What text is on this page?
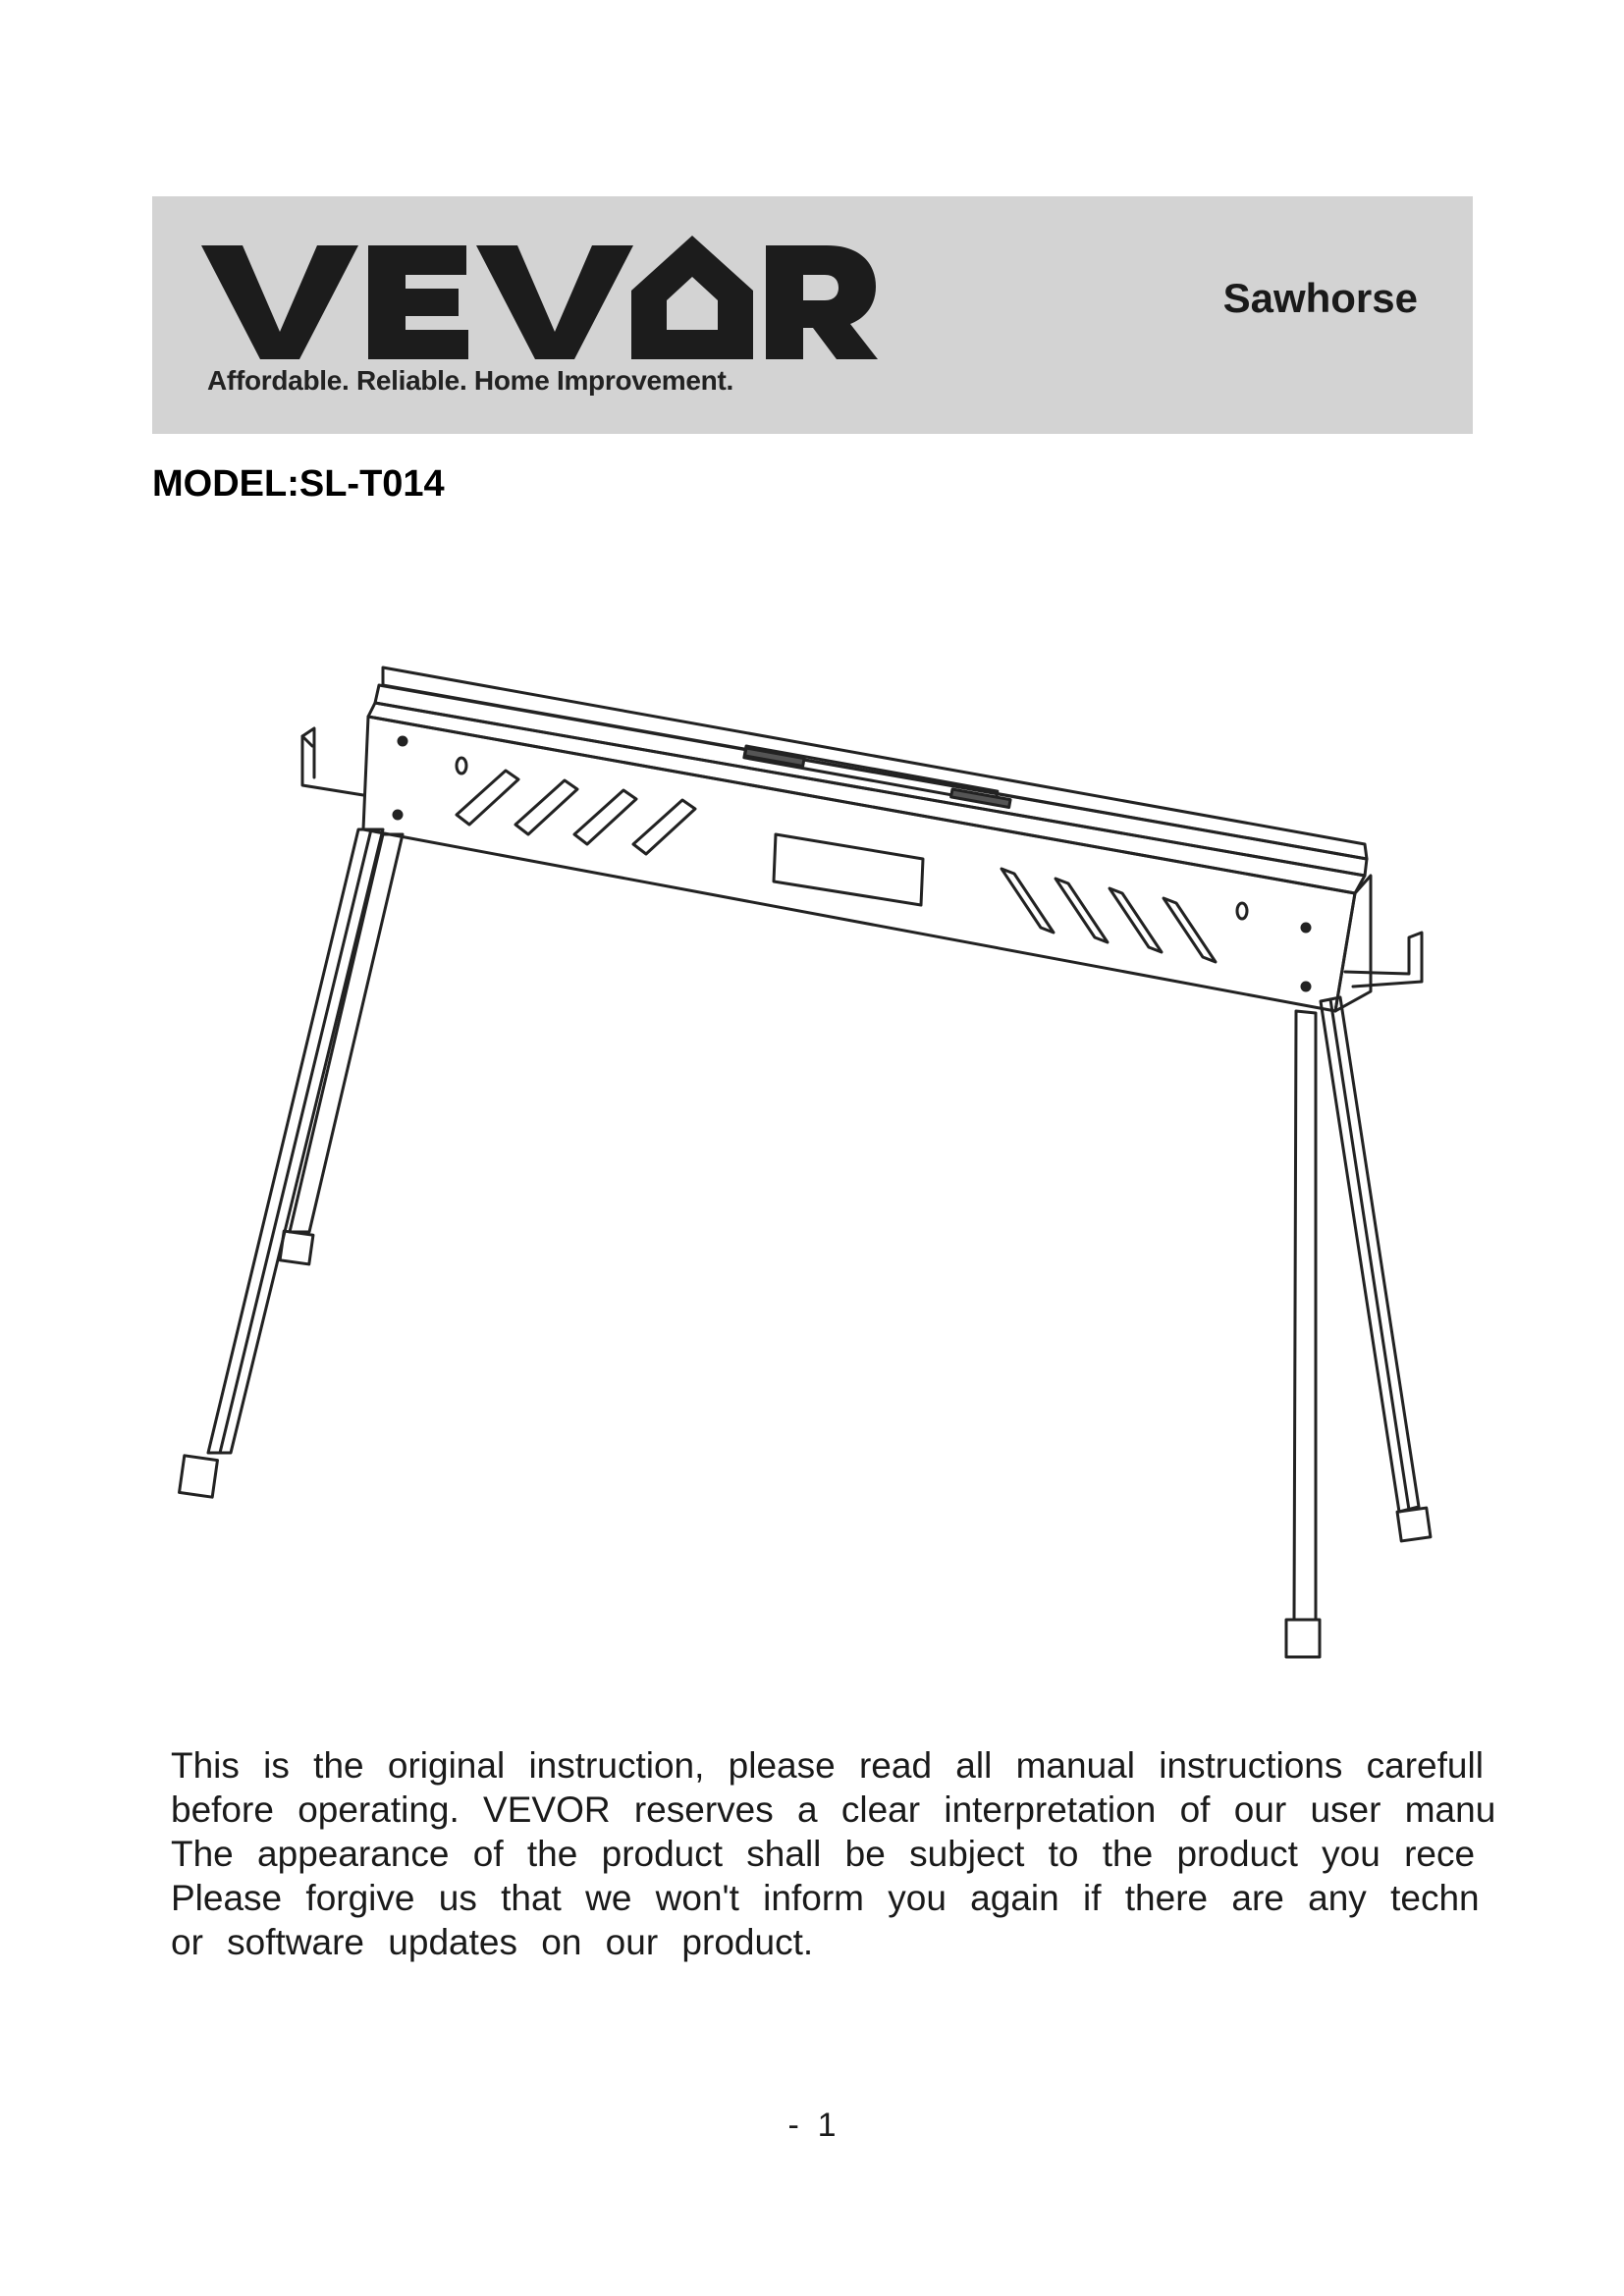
Affordable. Reliable. Home Improvement.
Sawhorse
MODEL:SL-T014
This is the original instruction, please read all manual instructions carefull
before operating. VEVOR reserves a clear interpretation of our user manu
The appearance of the product shall be subject to the product you rece
Please forgive us that we won't inform you again if there are any techn
or software updates on our product.
-  1
